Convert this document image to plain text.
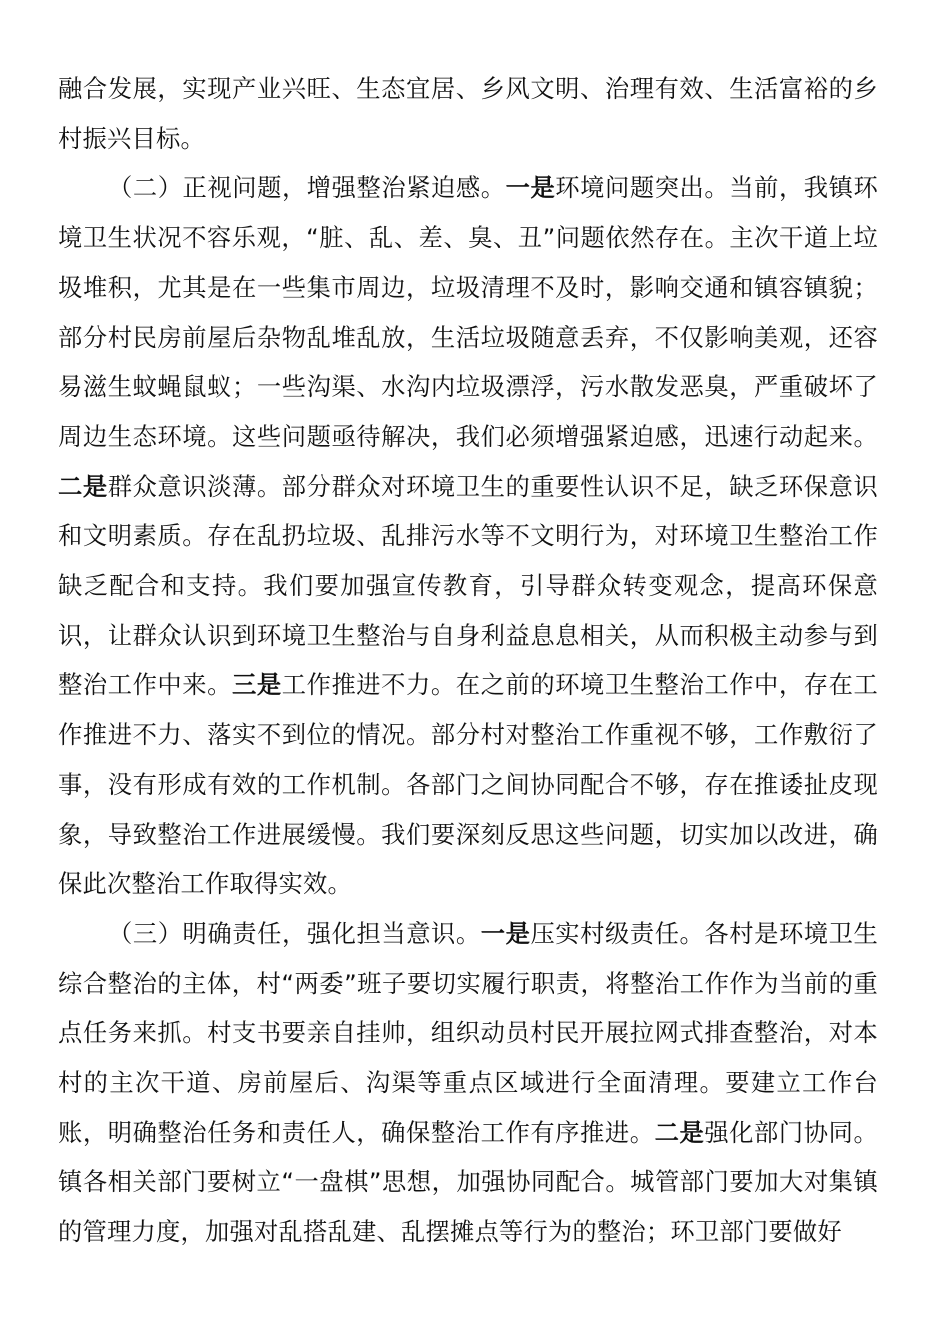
融合发展，实现产业兴旺、生态宜居、乡风文明、治理有效、生活富裕的乡村振兴目标。

（二）正视问题，增强整治紧迫感。一是环境问题突出。当前，我镇环境卫生状况不容乐观，“脏、乱、差、臭、丑”问题依然存在。主次干道上垃圾堆积，尤其是在一些集市周边，垃圾清理不及时，影响交通和镇容镇貌；部分村民房前屋后杂物乱堆乱放，生活垃圾随意丢弃，不仅影响美观，还容易滋生蚊蝇鼠蚁；一些沟渠、水沟内垃圾漂浮，污水散发恶臭，严重破坏了周边生态环境。这些问题亟待解决，我们必须增强紧迫感，迅速行动起来。二是群众意识淡薄。部分群众对环境卫生的重要性认识不足，缺乏环保意识和文明素质。存在乱扔垃圾、乱排污水等不文明行为，对环境卫生整治工作缺乏配合和支持。我们要加强宣传教育，引导群众转变观念，提高环保意识，让群众认识到环境卫生整治与自身利益息息相关，从而积极主动参与到整治工作中来。三是工作推进不力。在之前的环境卫生整治工作中，存在工作推进不力、落实不到位的情况。部分村对整治工作重视不够，工作敷衍了事，没有形成有效的工作机制。各部门之间协同配合不够，存在推诿扯皮现象，导致整治工作进展缓慢。我们要深刻反思这些问题，切实加以改进，确保此次整治工作取得实效。

（三）明确责任，强化担当意识。一是压实村级责任。各村是环境卫生综合整治的主体，村“两委”班子要切实履行职责，将整治工作作为当前的重点任务来抓。村支书要亲自挂帅，组织动员村民开展拉网式排查整治，对本村的主次干道、房前屋后、沟渠等重点区域进行全面清理。要建立工作台账，明确整治任务和责任人，确保整治工作有序推进。二是强化部门协同。镇各相关部门要树立“一盘棋”思想，加强协同配合。城管部门要加大对集镇的管理力度，加强对乱搭乱建、乱摆摊点等行为的整治；环卫部门要做好
